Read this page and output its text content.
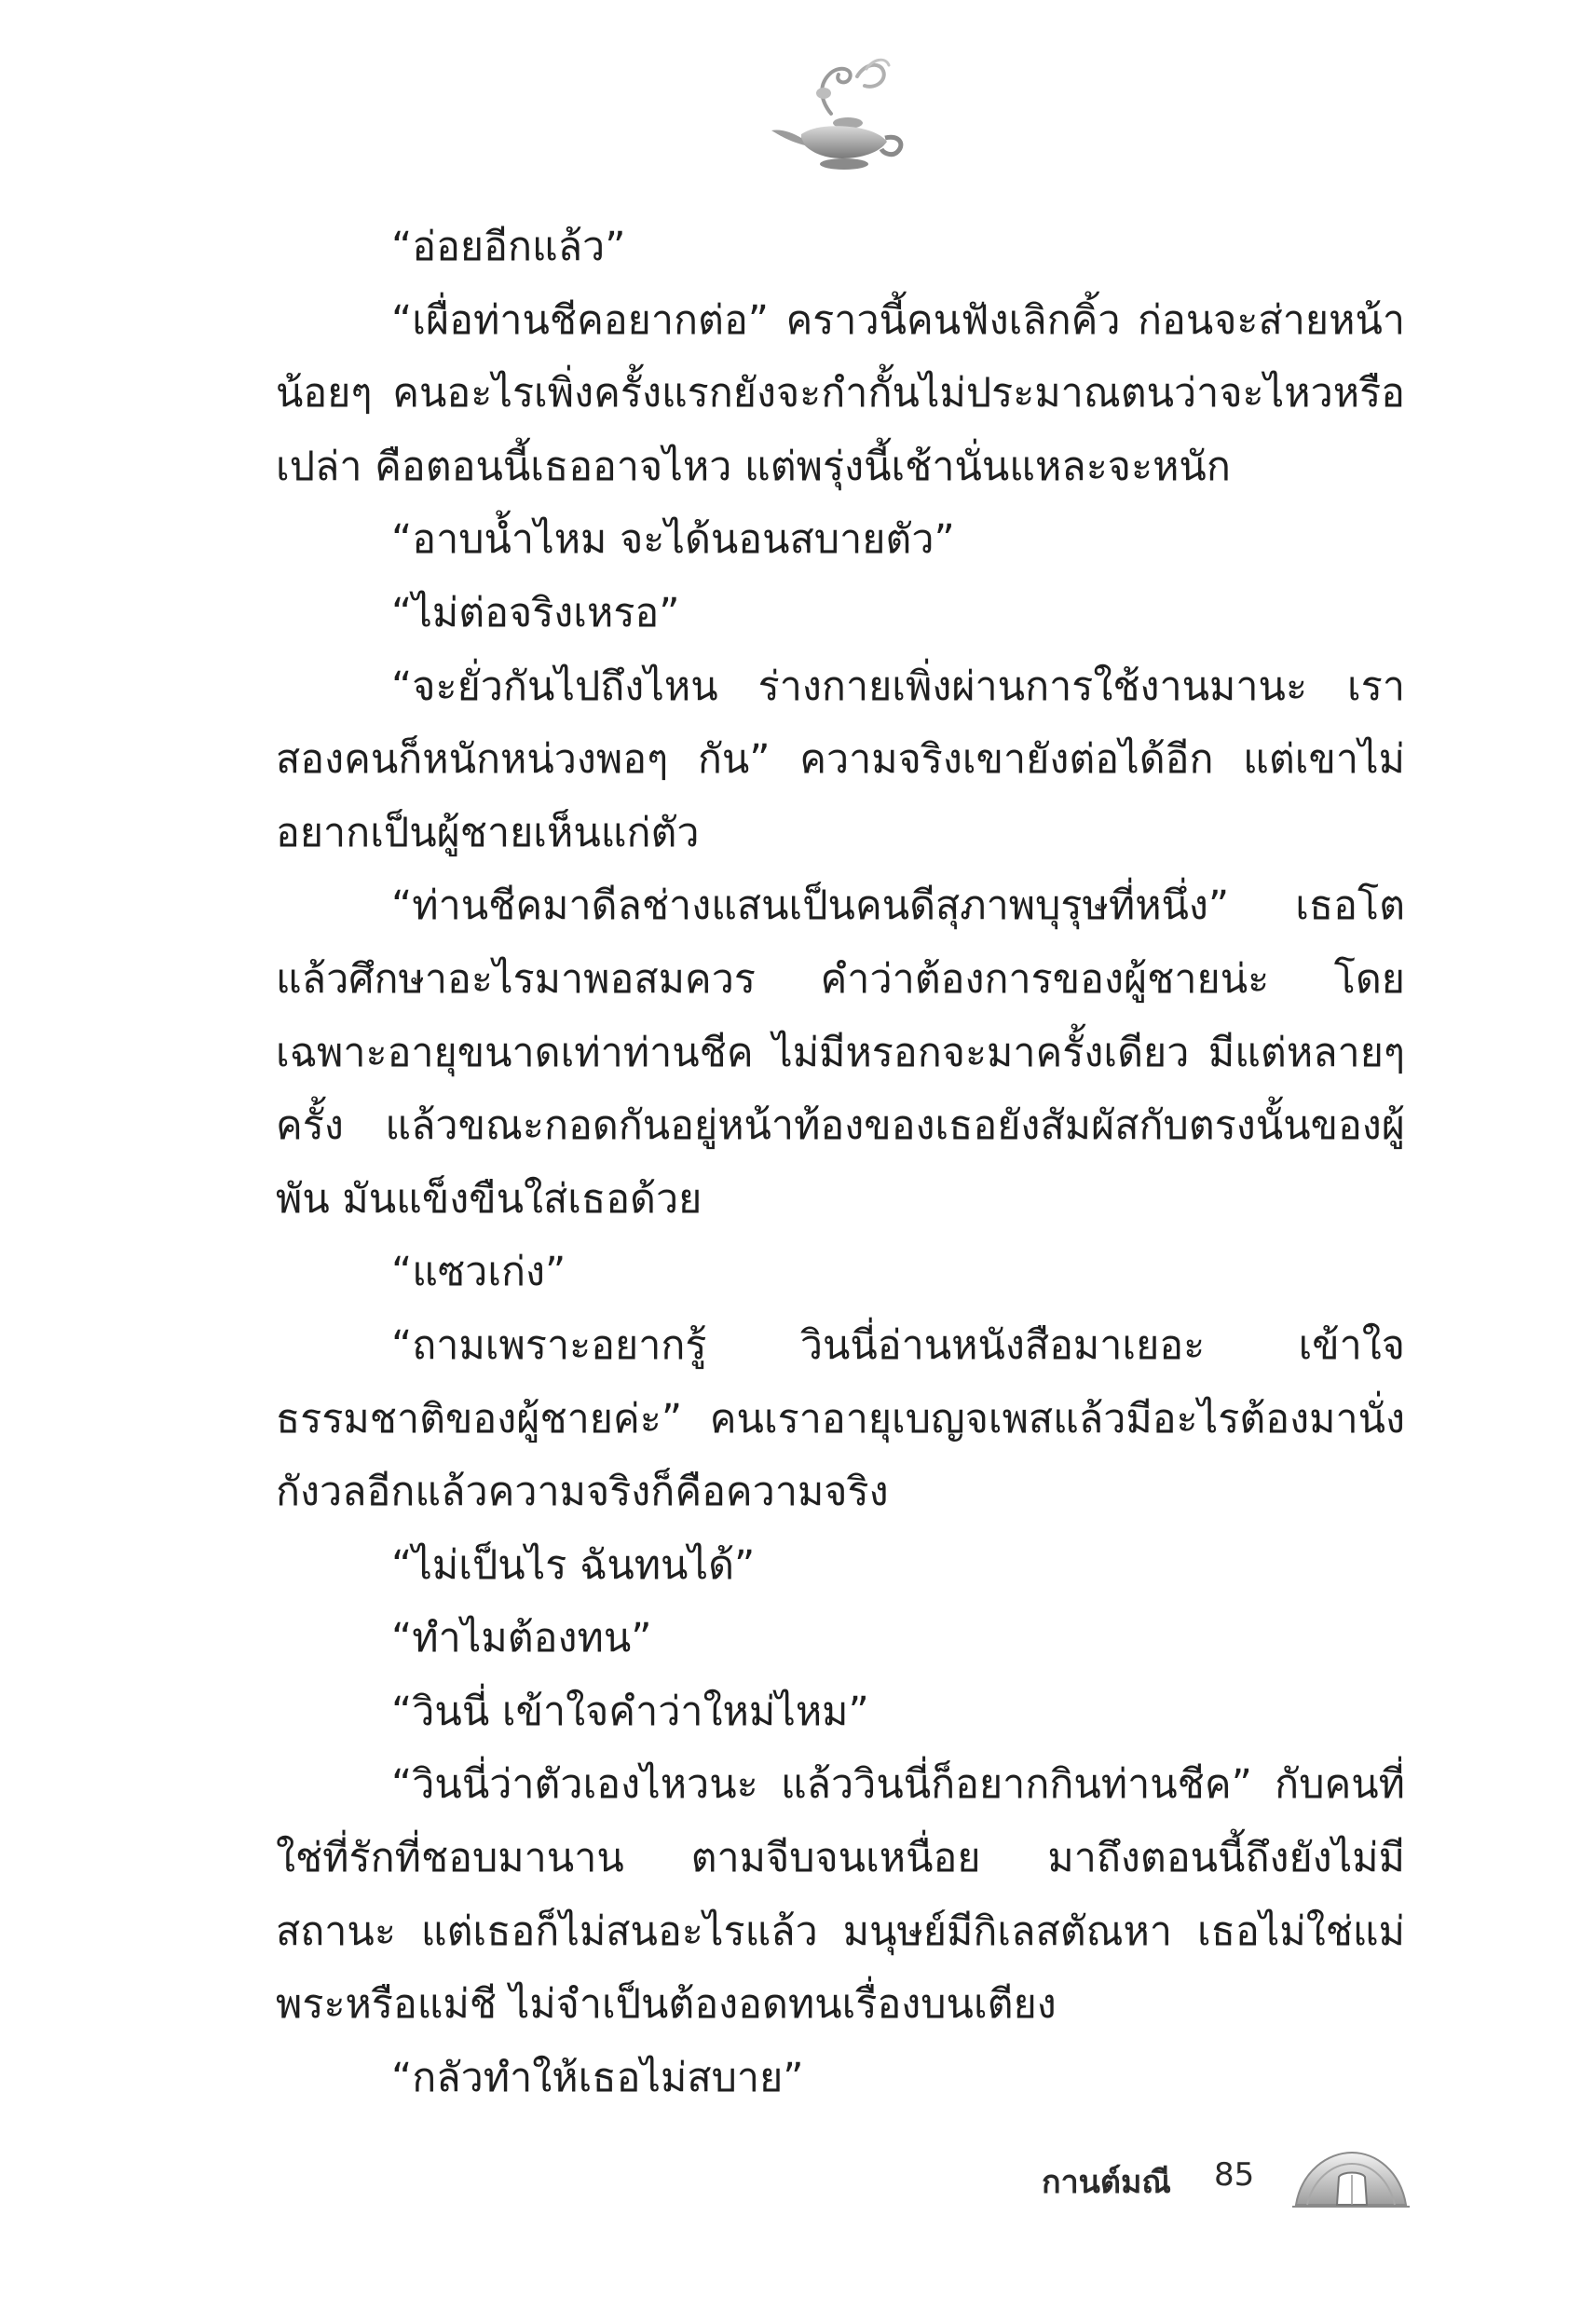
“อ่อยอีกแล้ว”

“เผื่อท่านชีคอยากต่อ” คราวนี้คนฟังเลิกคิ้ว ก่อนจะส่ายหน้าน้อยๆ คนอะไรเพิ่งครั้งแรกยังจะกำกั้นไม่ประมาณตนว่าจะไหวหรือเปล่า คือตอนนี้เธออาจไหว แต่พรุ่งนี้เช้านั่นแหละจะหนัก

“อาบน้ำไหม จะได้นอนสบายตัว”

“ไม่ต่อจริงเหรอ”

“จะยั่วกันไปถึงไหน ร่างกายเพิ่งผ่านการใช้งานมานะ เราสองคนก็หนักหน่วงพอๆ กัน” ความจริงเขายังต่อได้อีก แต่เขาไม่อยากเป็นผู้ชายเห็นแก่ตัว

“ท่านชีคมาดีลช่างแสนเป็นคนดีสุภาพบุรุษที่หนึ่ง” เธอโตแล้วศึกษาอะไรมาพอสมควร คำว่าต้องการของผู้ชายน่ะ โดยเฉพาะอายุขนาดเท่าท่านชีค ไม่มีหรอกจะมาครั้งเดียว มีแต่หลายๆ ครั้ง แล้วขณะกอดกันอยู่หน้าท้องของเธอยังสัมผัสกับตรงนั้นของผู้พัน มันแข็งขืนใส่เธอด้วย

“แซวเก่ง”

“ถามเพราะอยากรู้ วินนี่อ่านหนังสือมาเยอะ เข้าใจธรรมชาติของผู้ชายค่ะ” คนเราอายุเบญจเพสแล้วมีอะไรต้องมานั่งกังวลอีกแล้วความจริงก็คือความจริง

“ไม่เป็นไร ฉันทนได้”

“ทำไมต้องทน”

“วินนี่ เข้าใจคำว่าใหม่ไหม”

“วินนี่ว่าตัวเองไหวนะ แล้ววินนี่ก็อยากกินท่านชีค” กับคนที่ใช่ที่รักที่ชอบมานาน ตามจีบจนเหนื่อย มาถึงตอนนี้ถึงยังไม่มีสถานะ แต่เธอก็ไม่สนอะไรแล้ว มนุษย์มีกิเลสตัณหา เธอไม่ใช่แม่พระหรือแม่ชี ไม่จำเป็นต้องอดทนเรื่องบนเตียง

“กลัวทำให้เธอไม่สบาย”

กานต์มณี 85
